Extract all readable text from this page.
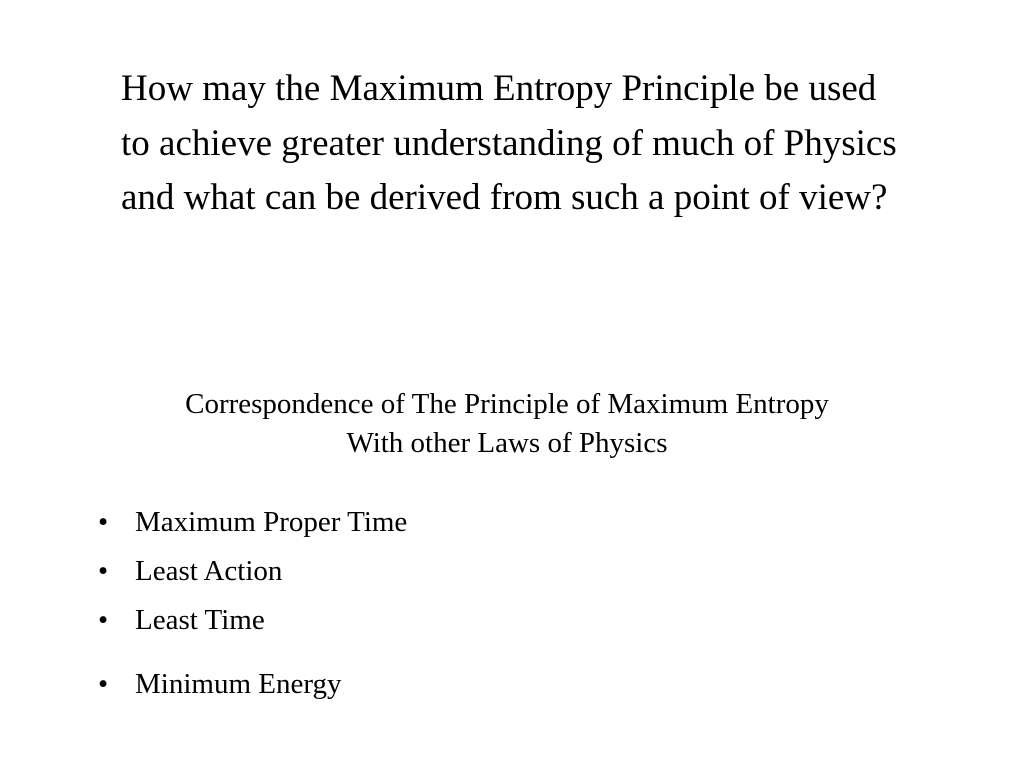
How may the Maximum Entropy Principle be used to achieve greater understanding of much of Physics and what can be derived from such a point of view?

Correspondence of The Principle of Maximum Entropy
With other Laws of Physics
• Maximum Proper Time
• Least Action
• Least Time
• Minimum Energy
